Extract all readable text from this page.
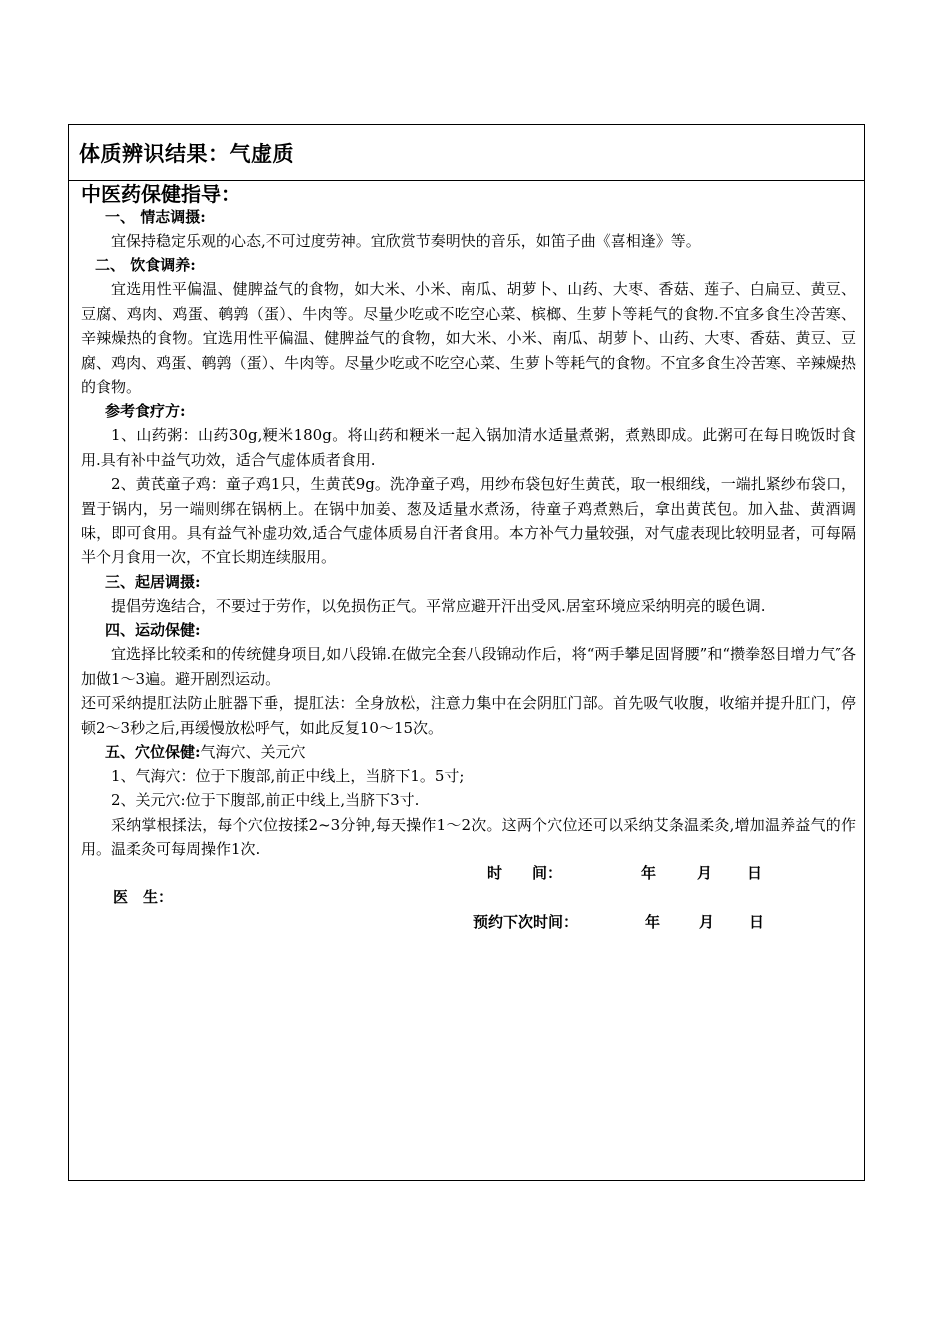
体质辨识结果：气虚质
中医药保健指导：
一、 情志调摄:

宜保持稳定乐观的心态,不可过度劳神。宜欣赏节奏明快的音乐，如笛子曲《喜相逢》等。

二、 饮食调养:

宜选用性平偏温、健脾益气的食物，如大米、小米、南瓜、胡萝卜、山药、大枣、香菇、莲子、白扁豆、黄豆、豆腐、鸡肉、鸡蛋、鹌鹑（蛋）、牛肉等。尽量少吃或不吃空心菜、槟榔、生萝卜等耗气的食物.不宜多食生冷苦寒、辛辣燥热的食物。宜选用性平偏温、健脾益气的食物，如大米、小米、南瓜、胡萝卜、山药、大枣、香菇、黄豆、豆腐、鸡肉、鸡蛋、鹌鹑（蛋）、牛肉等。尽量少吃或不吃空心菜、生萝卜等耗气的食物。不宜多食生冷苦寒、辛辣燥热的食物。

参考食疗方:

1、山药粥：山药30g,粳米180g。将山药和粳米一起入锅加清水适量煮粥，煮熟即成。此粥可在每日晚饭时食用.具有补中益气功效，适合气虚体质者食用.

2、黄芪童子鸡：童子鸡1只，生黄芪9g。洗净童子鸡，用纱布袋包好生黄芪，取一根细线，一端扎紧纱布袋口，置于锅内，另一端则绑在锅柄上。在锅中加姜、葱及适量水煮汤，待童子鸡煮熟后，拿出黄芪包。加入盐、黄酒调味，即可食用。具有益气补虚功效,适合气虚体质易自汗者食用。本方补气力量较强，对气虚表现比较明显者，可每隔半个月食用一次，不宜长期连续服用。

三、起居调摄:

提倡劳逸结合，不要过于劳作，以免损伤正气。平常应避开汗出受风.居室环境应采纳明亮的暖色调.

四、运动保健:

宜选择比较柔和的传统健身项目,如八段锦.在做完全套八段锦动作后，将“两手攀足固肾腰”和“攒拳怒目增力气″各加做1～3遍。避开剧烈运动。

还可采纳提肛法防止脏器下垂，提肛法：全身放松，注意力集中在会阴肛门部。首先吸气收腹，收缩并提升肛门，停顿2～3秒之后,再缓慢放松呼气，如此反复10～15次。

五、穴位保健:气海穴、关元穴

1、气海穴：位于下腹部,前正中线上，当脐下1。5寸;

2、关元穴:位于下腹部,前正中线上,当脐下3寸.

采纳掌根揉法，每个穴位按揉2~3分钟,每天操作1～2次。这两个穴位还可以采纳艾条温柔灸,增加温养益气的作用。温柔灸可每周操作1次.

时　　间：	年	月 日
医　生：
预约下次时间：	年	月 日
